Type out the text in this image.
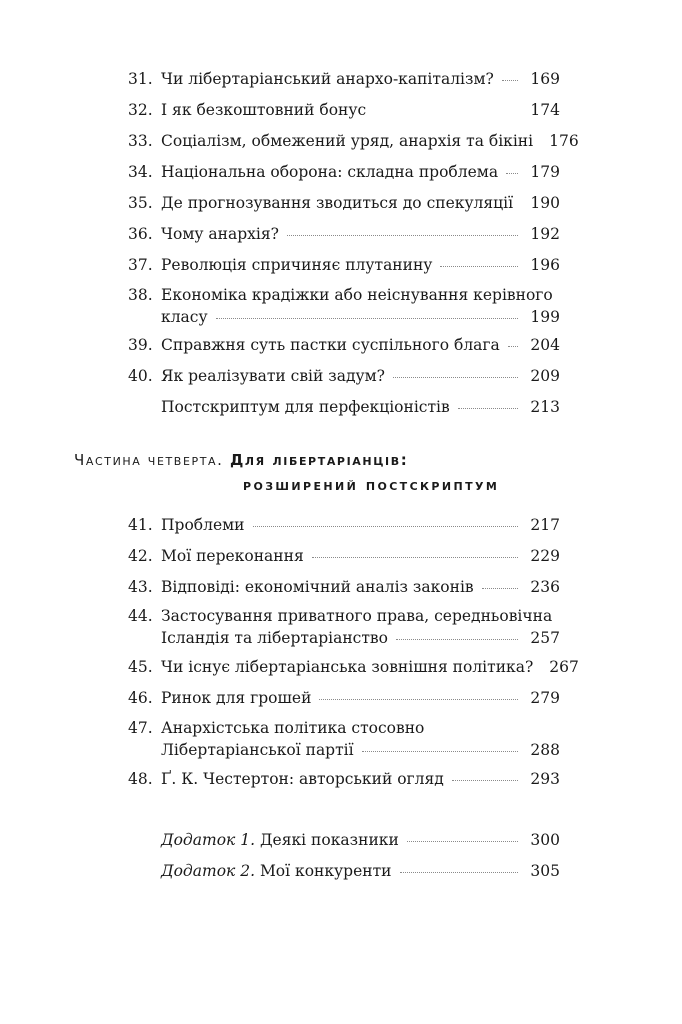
31. Чи лібертаріанський анархо-капіталізм? 169
32. І як безкоштовний бонус	174
33. Соціалізм, обмежений уряд, анархія та бікіні 176
34. Національна оборона: складна проблема 179
35. Де прогнозування зводиться до спекуляції 190
36. Чому анархія?	192
37. Революція спричиняє плутанину	196
38. Економіка крадіжки або неіснування керівного
класу	199
39. Справжня суть пастки суспільного блага 204
40. Як реалізувати свій задум?	209
Постскриптум для перфекціоністів	213
Частина четверта. Для лібертаріанців:
розширений постскриптум
41. Проблеми	217
42. Мої переконання	229
43. Відповіді: економічний аналіз законів	236
44. Застосування приватного права, середньовічна
Ісландія та лібертаріанство	257
45. Чи існує лібертаріанська зовнішня політика? 267
46. Ринок для грошей	279
47. Анархістська політика стосовно
Лібертаріанської партії	288
48. Ґ. К. Честертон: авторський огляд	293
Додаток 1. Деякі показники	300
Додаток 2. Мої конкуренти	305
